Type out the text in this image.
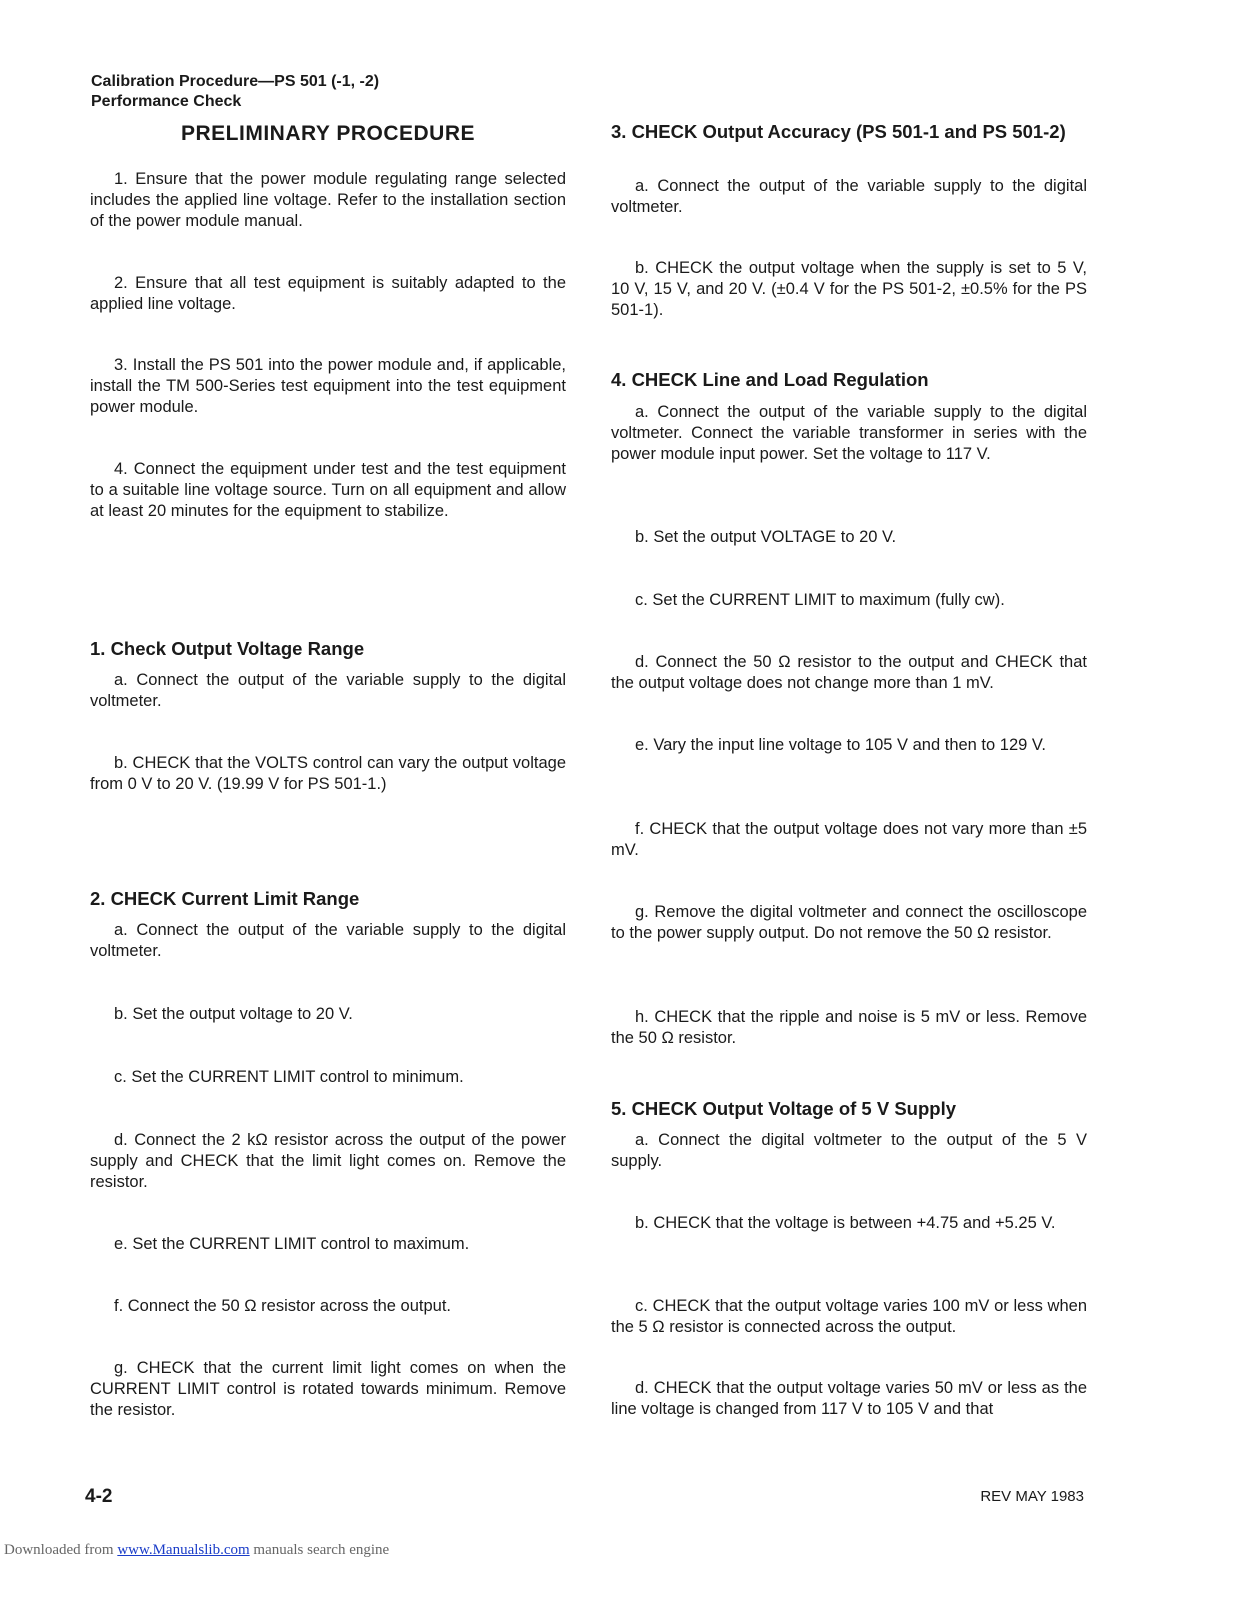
Calibration Procedure—PS 501 (-1, -2)
Performance Check

PRELIMINARY PROCEDURE

1. Ensure that the power module regulating range selected includes the applied line voltage. Refer to the installation section of the power module manual.

2. Ensure that all test equipment is suitably adapted to the applied line voltage.

3. Install the PS 501 into the power module and, if applicable, install the TM 500-Series test equipment into the test equipment power module.

4. Connect the equipment under test and the test equipment to a suitable line voltage source. Turn on all equipment and allow at least 20 minutes for the equipment to stabilize.

1. Check Output Voltage Range

a. Connect the output of the variable supply to the digital voltmeter.

b. CHECK that the VOLTS control can vary the output voltage from 0 V to 20 V. (19.99 V for PS 501-1.)

2. CHECK Current Limit Range

a. Connect the output of the variable supply to the digital voltmeter.

b. Set the output voltage to 20 V.

c. Set the CURRENT LIMIT control to minimum.

d. Connect the 2 kΩ resistor across the output of the power supply and CHECK that the limit light comes on. Remove the resistor.

e. Set the CURRENT LIMIT control to maximum.

f. Connect the 50 Ω resistor across the output.

g. CHECK that the current limit light comes on when the CURRENT LIMIT control is rotated towards minimum. Remove the resistor.

3. CHECK Output Accuracy (PS 501-1 and PS 501-2)

a. Connect the output of the variable supply to the digital voltmeter.

b. CHECK the output voltage when the supply is set to 5 V, 10 V, 15 V, and 20 V. (±0.4 V for the PS 501-2, ±0.5% for the PS 501-1).

4. CHECK Line and Load Regulation

a. Connect the output of the variable supply to the digital voltmeter. Connect the variable transformer in series with the power module input power. Set the voltage to 117 V.

b. Set the output VOLTAGE to 20 V.

c. Set the CURRENT LIMIT to maximum (fully cw).

d. Connect the 50 Ω resistor to the output and CHECK that the output voltage does not change more than 1 mV.

e. Vary the input line voltage to 105 V and then to 129 V.

f. CHECK that the output voltage does not vary more than ±5 mV.

g. Remove the digital voltmeter and connect the oscilloscope to the power supply output. Do not remove the 50 Ω resistor.

h. CHECK that the ripple and noise is 5 mV or less. Remove the 50 Ω resistor.

5. CHECK Output Voltage of 5 V Supply

a. Connect the digital voltmeter to the output of the 5 V supply.

b. CHECK that the voltage is between +4.75 and +5.25 V.

c. CHECK that the output voltage varies 100 mV or less when the 5 Ω resistor is connected across the output.

d. CHECK that the output voltage varies 50 mV or less as the line voltage is changed from 117 V to 105 V and that

4-2	REV MAY 1983
Downloaded from www.Manualslib.com manuals search engine
